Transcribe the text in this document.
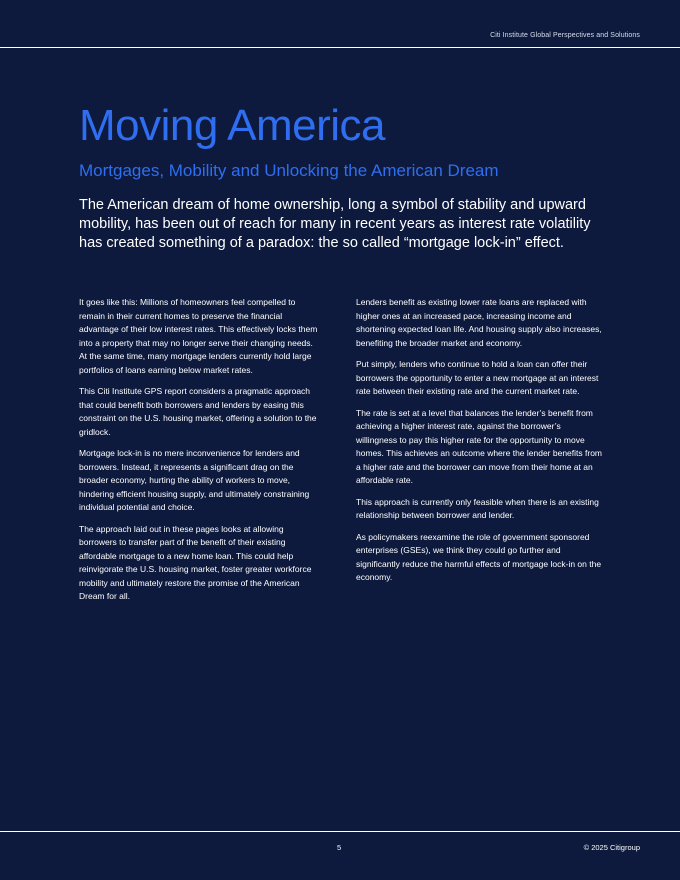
Citi Institute Global Perspectives and Solutions
Moving America
Mortgages, Mobility and Unlocking the American Dream

The American dream of home ownership, long a symbol of stability and upward mobility, has been out of reach for many in recent years as interest rate volatility has created something of a paradox: the so called “mortgage lock-in” effect.

It goes like this: Millions of homeowners feel compelled to remain in their current homes to preserve the financial advantage of their low interest rates. This effectively locks them into a property that may no longer serve their changing needs. At the same time, many mortgage lenders currently hold large portfolios of loans earning below market rates.

This Citi Institute GPS report considers a pragmatic approach that could benefit both borrowers and lenders by easing this constraint on the U.S. housing market, offering a solution to the gridlock.

Mortgage lock-in is no mere inconvenience for lenders and borrowers. Instead, it represents a significant drag on the broader economy, hurting the ability of workers to move, hindering efficient housing supply, and ultimately constraining individual potential and choice.

The approach laid out in these pages looks at allowing borrowers to transfer part of the benefit of their existing affordable mortgage to a new home loan. This could help reinvigorate the U.S. housing market, foster greater workforce mobility and ultimately restore the promise of the American Dream for all.

Lenders benefit as existing lower rate loans are replaced with higher ones at an increased pace, increasing income and shortening expected loan life. And housing supply also increases, benefiting the broader market and economy.

Put simply, lenders who continue to hold a loan can offer their borrowers the opportunity to enter a new mortgage at an interest rate between their existing rate and the current market rate.

The rate is set at a level that balances the lender’s benefit from achieving a higher interest rate, against the borrower’s willingness to pay this higher rate for the opportunity to move homes. This achieves an outcome where the lender benefits from a higher rate and the borrower can move from their home at an affordable rate.

This approach is currently only feasible when there is an existing relationship between borrower and lender.

As policymakers reexamine the role of government sponsored enterprises (GSEs), we think they could go further and significantly reduce the harmful effects of mortgage lock-in on the economy.

5	© 2025 Citigroup
